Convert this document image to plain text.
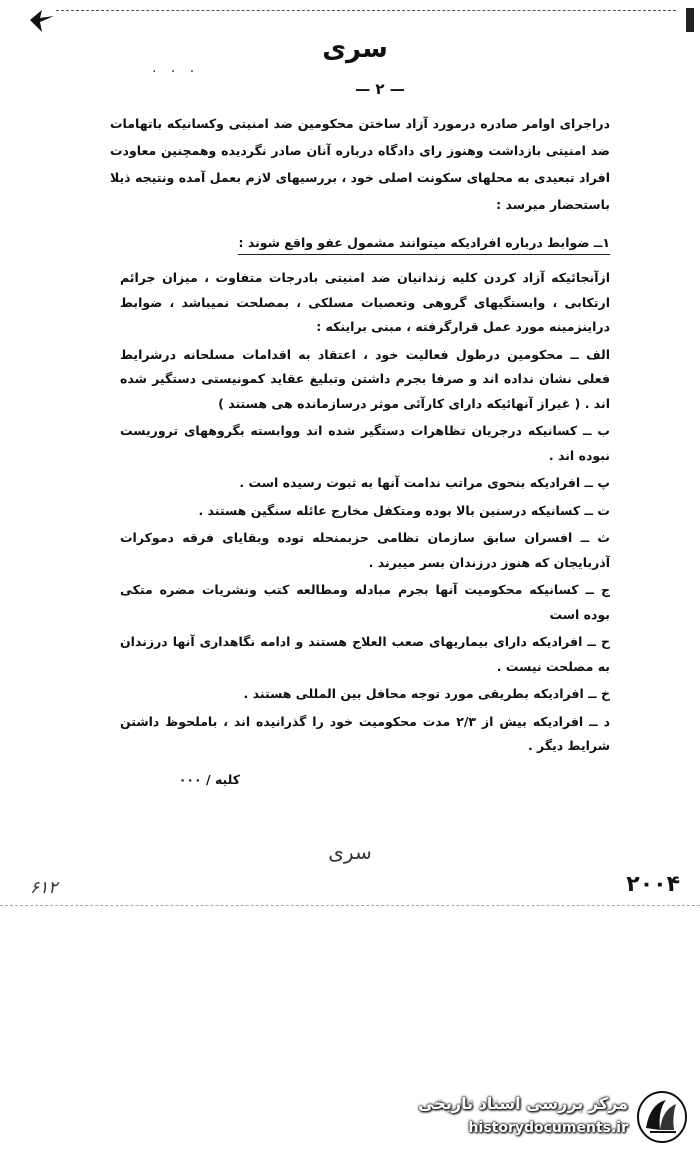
. . .
سری
— ۲ —

دراجرای اوامر صادره درمورد آزاد ساختن محکومین ضد امنیتی وکسانیکه باتهامات ضد امنیتی بازداشت وهنوز رای دادگاه درباره آنان صادر نگردیده وهمچنین معاودت افراد تبعیدی به محلهای سکونت اصلی خود ، بررسیهای لازم بعمل آمده ونتیجه ذیلا باستحضار میرسد :

۱ــ ضوابط درباره افرادیکه میتوانند مشمول عفو واقع شوند :

ازآنجائیکه آزاد کردن کلیه زندانیان ضد امنیتی بادرجات متفاوت ، میزان جرائم ارتکابی ، وابستگیهای گروهی وتعصبات مسلکی ، بمصلحت نمیباشد ، ضوابط دراینزمینه مورد عمل قرارگرفته ، مبنی براینکه :

الف ــ محکومین درطول فعالیت خود ، اعتقاد به اقدامات مسلحانه درشرایط فعلی نشان نداده اند و صرفا بجرم داشتن وتبلیغ عقاید کمونیستی دستگیر شده اند . ( غیراز آنهائیکه دارای کارآئی موثر درسازمانده هی هستند )

ب ــ کسانیکه درجریان تظاهرات دستگیر شده اند ووابسته بگروههای تروریست نبوده اند .

پ ــ افرادیکه بنحوی مراتب ندامت آنها به ثبوت رسیده است .

ت ــ کسانیکه درسنین بالا بوده ومتکفل مخارج عائله سنگین هستند .

ث ــ افسران سابق سازمان نظامی حزبمنحله توده وبقایای فرقه دموکرات آذربایجان که هنوز درزندان بسر میبرند .

ج ــ کسانیکه محکومیت آنها بجرم مبادله ومطالعه کتب ونشریات مضره متکی بوده است

ح ــ افرادیکه دارای بیماریهای صعب العلاج هستند و ادامه نگاهداری آنها درزندان به مصلحت نیست .

خ ــ افرادیکه بطریقی مورد توجه محافل بین المللی هستند .

د ــ افرادیکه بیش از ۲/۳ مدت محکومیت خود را گذرانیده اند ، باملحوظ داشتن شرایط دیگر .

کلیه / ۰۰۰
سری
۲۰۰۴
۶۱۲
مرکز بررسی اسناد تاریخی
historydocuments.ir
